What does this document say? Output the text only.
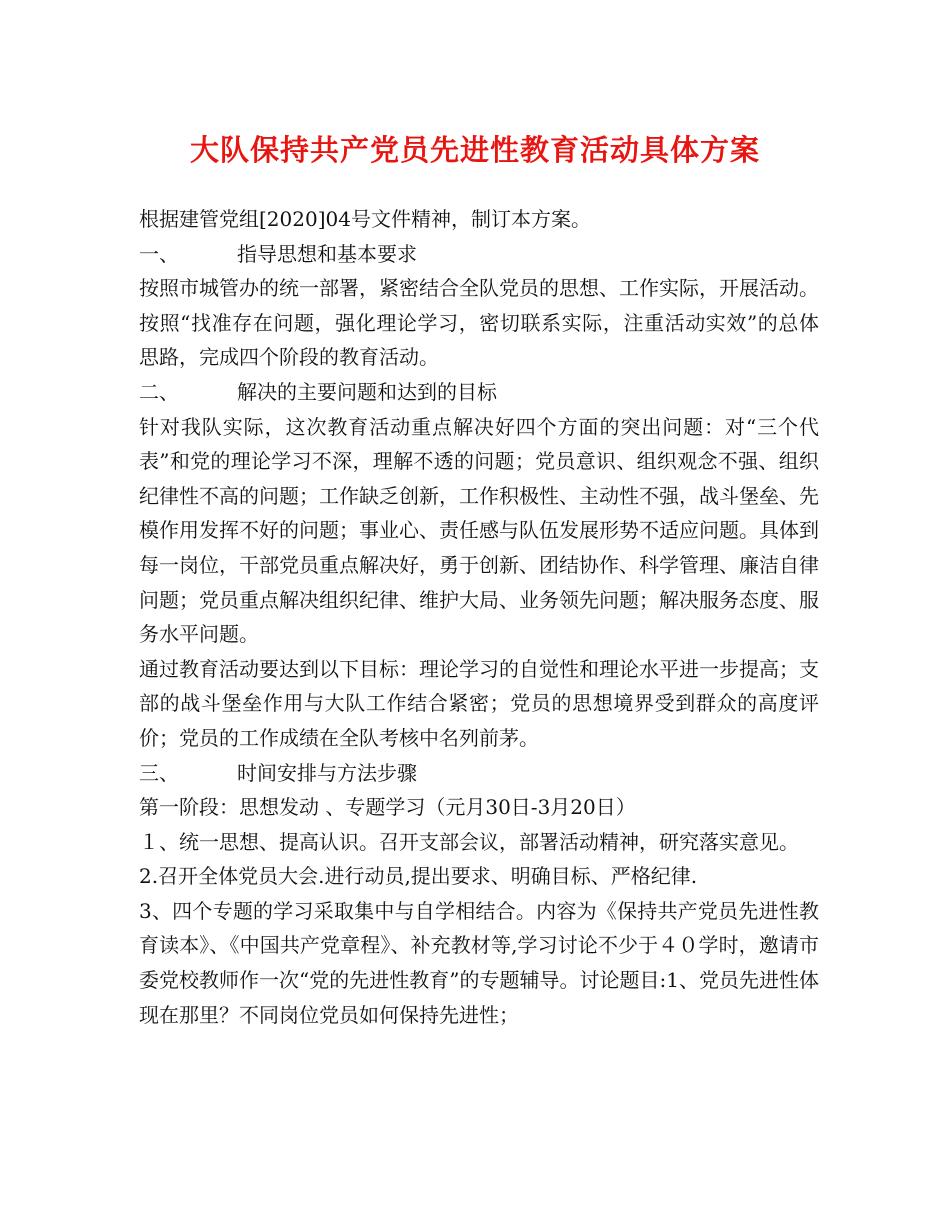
大队保持共产党员先进性教育活动具体方案

根据建管党组[2020]04号文件精神，制订本方案。

一、	指导思想和基本要求

按照市城管办的统一部署，紧密结合全队党员的思想、工作实际，开展活动。按照“找准存在问题，强化理论学习，密切联系实际，注重活动实效”的总体思路，完成四个阶段的教育活动。

二、	解决的主要问题和达到的目标

针对我队实际，这次教育活动重点解决好四个方面的突出问题：对“三个代表”和党的理论学习不深，理解不透的问题；党员意识、组织观念不强、组织纪律性不高的问题；工作缺乏创新，工作积极性、主动性不强，战斗堡垒、先模作用发挥不好的问题；事业心、责任感与队伍发展形势不适应问题。具体到每一岗位，干部党员重点解决好，勇于创新、团结协作、科学管理、廉洁自律问题；党员重点解决组织纪律、维护大局、业务领先问题；解决服务态度、服务水平问题。

通过教育活动要达到以下目标：理论学习的自觉性和理论水平进一步提高；支部的战斗堡垒作用与大队工作结合紧密；党员的思想境界受到群众的高度评价；党员的工作成绩在全队考核中名列前茅。

三、	时间安排与方法步骤

第一阶段：思想发动 、专题学习（元月30日-3月20日）

１、统一思想、提高认识。召开支部会议，部署活动精神，研究落实意见。

2.召开全体党员大会.进行动员,提出要求、明确目标、严格纪律.

3、四个专题的学习采取集中与自学相结合。内容为《保持共产党员先进性教育读本》、《中国共产党章程》、补充教材等,学习讨论不少于４０学时，邀请市委党校教师作一次“党的先进性教育”的专题辅导。讨论题目:1、党员先进性体现在那里？不同岗位党员如何保持先进性；
